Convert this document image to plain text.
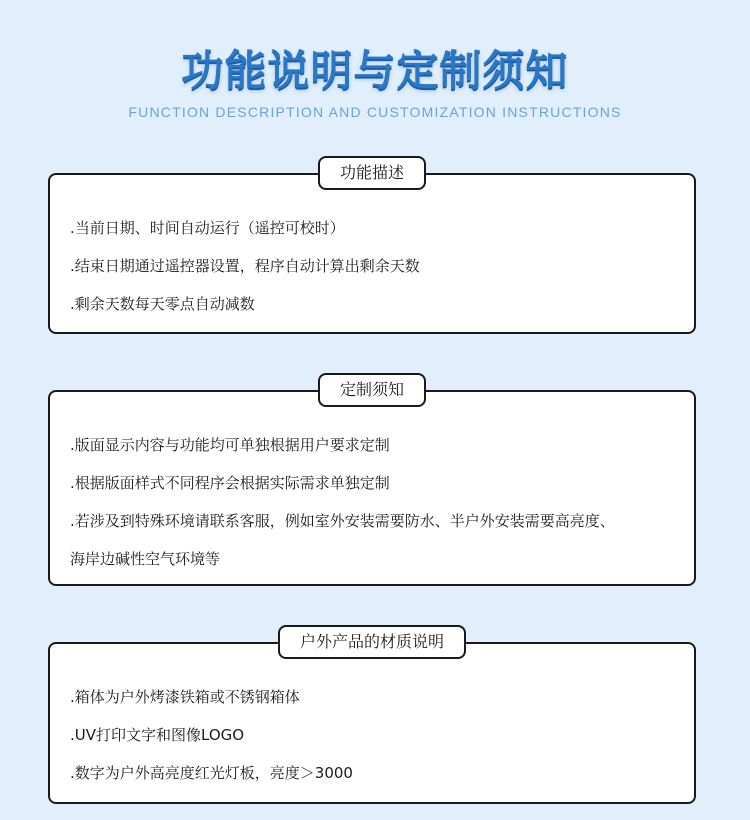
功能说明与定制须知
FUNCTION DESCRIPTION AND CUSTOMIZATION INSTRUCTIONS
功能描述
.当前日期、时间自动运行（遥控可校时）
.结束日期通过遥控器设置，程序自动计算出剩余天数
.剩余天数每天零点自动减数
定制须知
.版面显示内容与功能均可单独根据用户要求定制
.根据版面样式不同程序会根据实际需求单独定制
.若涉及到特殊环境请联系客服，例如室外安装需要防水、半户外安装需要高亮度、
海岸边碱性空气环境等
户外产品的材质说明
.箱体为户外烤漆铁箱或不锈钢箱体
.UV打印文字和图像LOGO
.数字为户外高亮度红光灯板，亮度＞3000
